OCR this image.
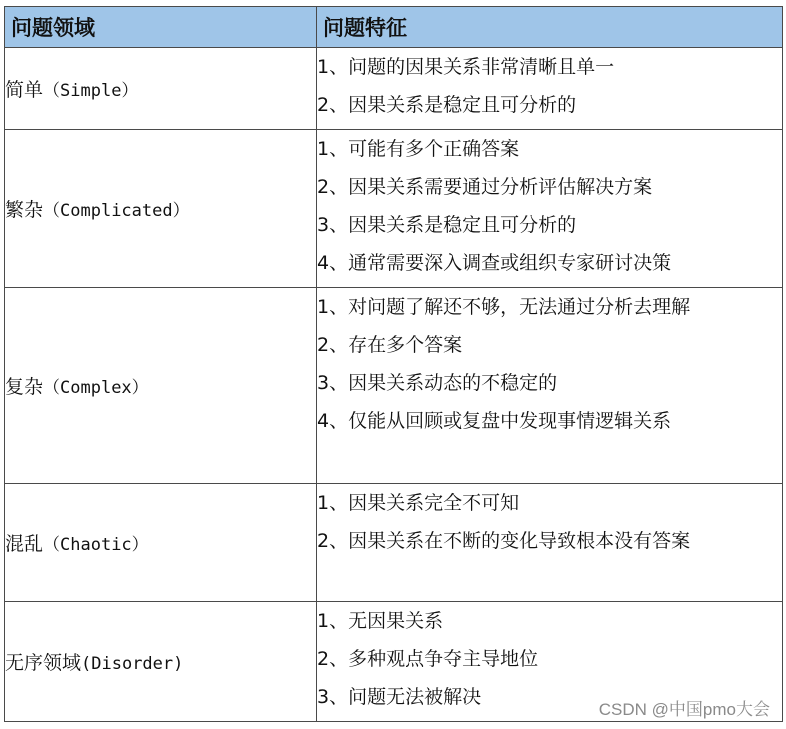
问题领域	问题特征
简单（Simple）	1、问题的因果关系非常清晰且单一
2、因果关系是稳定且可分析的

繁杂（Complicated）	1、可能有多个正确答案
2、因果关系需要通过分析评估解决方案
3、因果关系是稳定且可分析的
4、通常需要深入调查或组织专家研讨决策

复杂（Complex）	1、对问题了解还不够，无法通过分析去理解
2、存在多个答案
3、因果关系动态的不稳定的
4、仅能从回顾或复盘中发现事情逻辑关系

混乱（Chaotic）	1、因果关系完全不可知
2、因果关系在不断的变化导致根本没有答案

无序领域(Disorder)	1、无因果关系
2、多种观点争夺主导地位
3、问题无法被解决
CSDN @中国pmo大会
